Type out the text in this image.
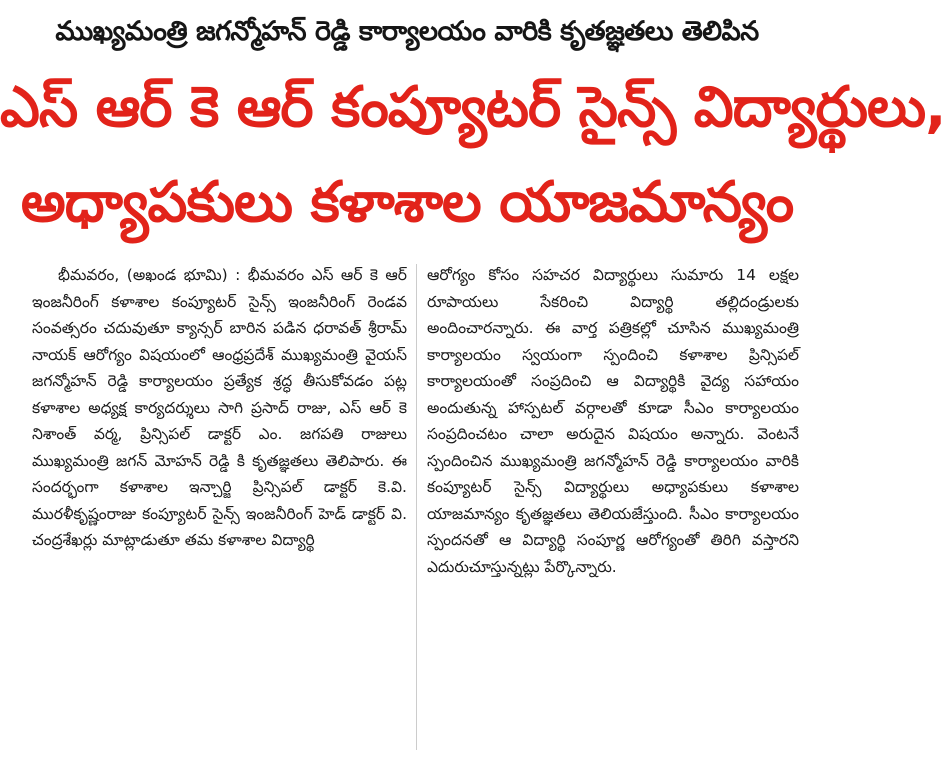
ముఖ్యమంత్రి జగన్మోహన్ రెడ్డి కార్యాలయం వారికి కృతజ్ఞతలు తెలిపిన
ఎస్ ఆర్ కె ఆర్ కంప్యూటర్ సైన్స్ విద్యార్థులు,
అధ్యాపకులు కళాశాల యాజమాన్యం

భీమవరం, (అఖండ భూమి) : భీమవరం ఎస్ ఆర్ కె ఆర్ ఇంజనీరింగ్ కళాశాల కంప్యూటర్ సైన్స్ ఇంజనీరింగ్ రెండవ సంవత్సరం చదువుతూ క్యాన్సర్ బారిన పడిన ధరావత్ శ్రీరామ్ నాయక్ ఆరోగ్యం విషయంలో ఆంధ్రప్రదేశ్ ముఖ్యమంత్రి వైయస్ జగన్మోహన్ రెడ్డి కార్యాలయం ప్రత్యేక శ్రద్ధ తీసుకోవడం పట్ల కళాశాల అధ్యక్ష కార్యదర్శులు సాగి ప్రసాద్ రాజు, ఎస్ ఆర్ కె నిశాంత్ వర్మ, ప్రిన్సిపల్ డాక్టర్ ఎం. జగపతి రాజులు ముఖ్యమంత్రి జగన్ మోహన్ రెడ్డి కి కృతజ్ఞతలు తెలిపారు. ఈ సందర్భంగా కళాశాల ఇన్చార్జి ప్రిన్సిపల్ డాక్టర్ కె.వి. మురళీకృష్ణంరాజు కంప్యూటర్ సైన్స్ ఇంజనీరింగ్ హెడ్ డాక్టర్ వి. చంద్రశేఖర్లు మాట్లాడుతూ తమ కళాశాల విద్యార్థి

ఆరోగ్యం కోసం సహచర విద్యార్థులు సుమారు 14 లక్షల రూపాయలు సేకరించి విద్యార్థి తల్లిదండ్రులకు అందించారన్నారు. ఈ వార్త పత్రికల్లో చూసిన ముఖ్యమంత్రి కార్యాలయం స్వయంగా స్పందించి కళాశాల ప్రిన్సిపల్ కార్యాలయంతో సంప్రదించి ఆ విద్యార్థికి వైద్య సహాయం అందుతున్న హాస్పటల్ వర్గాలతో కూడా సీఎం కార్యాలయం సంప్రదించటం చాలా అరుదైన విషయం అన్నారు. వెంటనే స్పందించిన ముఖ్యమంత్రి జగన్మోహన్ రెడ్డి కార్యాలయం వారికి కంప్యూటర్ సైన్స్ విద్యార్థులు అధ్యాపకులు కళాశాల యాజమాన్యం కృతజ్ఞతలు తెలియజేస్తుంది. సీఎం కార్యాలయం స్పందనతో ఆ విద్యార్థి సంపూర్ణ ఆరోగ్యంతో తిరిగి వస్తారని ఎదురుచూస్తున్నట్లు పేర్కొన్నారు.
